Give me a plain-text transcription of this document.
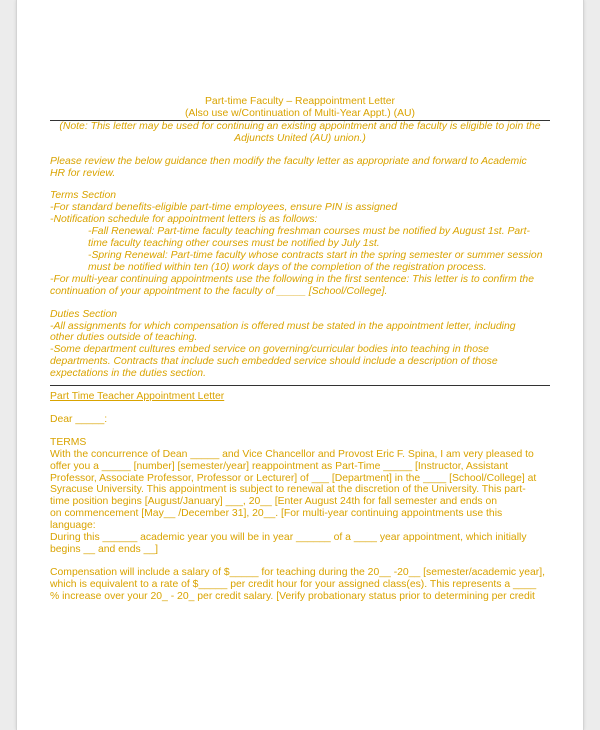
Part-time Faculty – Reappointment Letter

(Also use w/Continuation of Multi-Year Appt.) (AU)

(Note: This letter may be used for continuing an existing appointment and the faculty is eligible to join the

Adjuncts United (AU) union.)

Please review the below guidance then modify the faculty letter as appropriate and forward to Academic

HR for review.

Terms Section

-For standard benefits-eligible part-time employees, ensure PIN is assigned

-Notification schedule for appointment letters is as follows:

-Fall Renewal: Part-time faculty teaching freshman courses must be notified by August 1st. Part-

time faculty teaching other courses must be notified by July 1st.

-Spring Renewal: Part-time faculty whose contracts start in the spring semester or summer session

must be notified within ten (10) work days of the completion of the registration process.

-For multi-year continuing appointments use the following in the first sentence: This letter is to confirm the

continuation of your appointment to the faculty of _____ [School/College].

Duties Section

-All assignments for which compensation is offered must be stated in the appointment letter, including

other duties outside of teaching.

-Some department cultures embed service on governing/curricular bodies into teaching in those

departments. Contracts that include such embedded service should include a description of those

expectations in the duties section.

Part Time Teacher Appointment Letter

Dear _____:

TERMS

With the concurrence of Dean _____ and Vice Chancellor and Provost Eric F. Spina, I am very pleased to

offer you a _____ [number] [semester/year] reappointment as Part-Time _____ [Instructor, Assistant

Professor, Associate Professor, Professor or Lecturer] of ___ [Department] in the ____ [School/College] at

Syracuse University. This appointment is subject to renewal at the discretion of the University. This part-

time position begins [August/January] ___, 20__ [Enter August 24th for fall semester and ends on

on commencement [May__ /December 31], 20__. [For multi-year continuing appointments use this language:

During this ______ academic year you will be in year ______ of a ____ year appointment, which initially

begins __ and ends __]

Compensation will include a salary of $_____ for teaching during the 20__ -20__ [semester/academic year],

which is equivalent to a rate of $_____ per credit hour for your assigned class(es). This represents a ____

% increase over your 20_ - 20_ per credit salary. [Verify probationary status prior to determining per credit
